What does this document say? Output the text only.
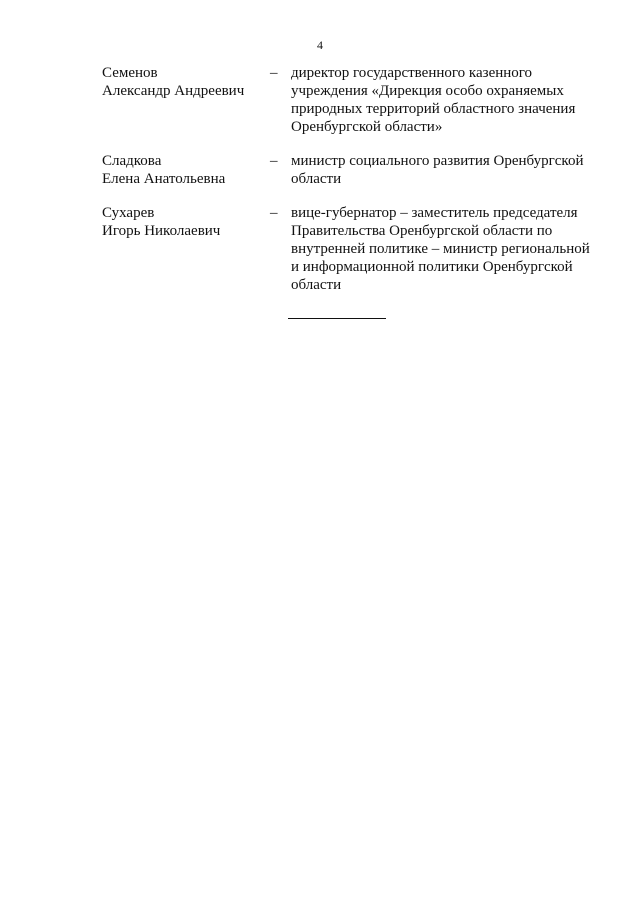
4
Семенов
Александр Андреевич
– директор государственного казенного учреждения «Дирекция особо охраняемых природных территорий областного значения Оренбургской области»
Сладкова
Елена Анатольевна
– министр социального развития Оренбургской области
Сухарев
Игорь Николаевич
– вице-губернатор – заместитель председателя Правительства Оренбургской области по внутренней политике – министр региональной и информационной политики Оренбургской области
